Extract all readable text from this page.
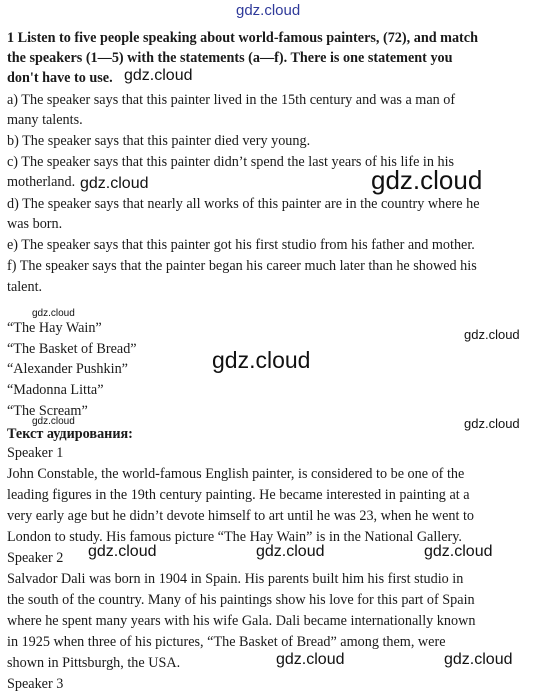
1 Listen to five people speaking about world-famous painters, (72), and match
the speakers (1—5) with the statements (a—f). There is one statement you
don't have to use.
a) The speaker says that this painter lived in the 15th century and was a man of
many talents.
b) The speaker says that this painter died very young.
c) The speaker says that this painter didn’t spend the last years of his life in his
motherland.
d) The speaker says that nearly all works of this painter are in the country where he
was born.
e) The speaker says that this painter got his first studio from his father and mother.
f) The speaker says that the painter began his career much later than he showed his
talent.
“The Hay Wain”
“The Basket of Bread”
“Alexander Pushkin”
“Madonna Litta”
“The Scream”
Текст аудирования:
Speaker 1
John Constable, the world-famous English painter, is considered to be one of the
leading figures in the 19th century painting. He became interested in painting at a
very early age but he didn’t devote himself to art until he was 23, when he went to
London to study. His famous picture “The Hay Wain” is in the National Gallery.
Speaker 2
Salvador Dali was born in 1904 in Spain. His parents built him his first studio in
the south of the country. Many of his paintings show his love for this part of Spain
where he spent many years with his wife Gala. Dali became internationally known
in 1925 when three of his pictures, “The Basket of Bread” among them, were
shown in Pittsburgh, the USA.
Speaker 3
gdz.cloud
gdz.cloud
gdz.cloud	gdz.cloud
gdz.cloud
gdz.cloud
gdz.cloud
gdz.cloud	gdz.cloud
gdz.cloud	gdz.cloud	gdz.cloud
gdz.cloud	gdz.cloud
